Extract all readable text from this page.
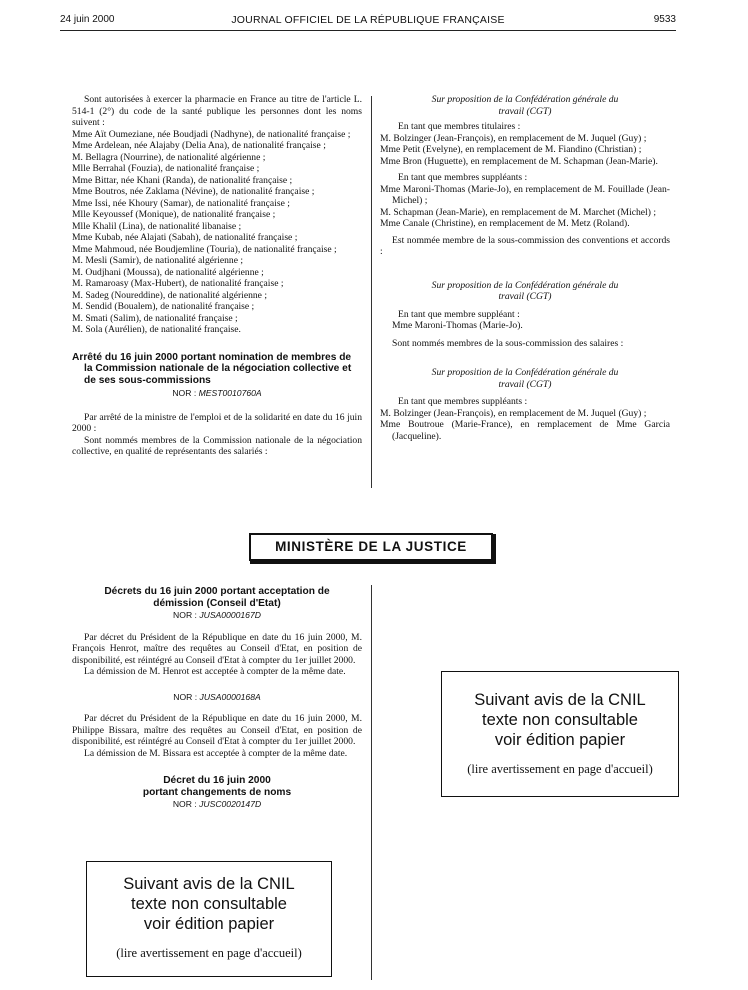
24 juin 2000	JOURNAL OFFICIEL DE LA RÉPUBLIQUE FRANÇAISE	9533

Sont autorisées à exercer la pharmacie en France au titre de l'article L. 514-1 (2°) du code de la santé publique les personnes dont les noms suivent :

Mme Aït Oumeziane, née Boudjadi (Nadhyne), de nationalité française ;

Mme Ardelean, née Alajaby (Delia Ana), de nationalité française ;

M. Bellagra (Nourrine), de nationalité algérienne ;

Mlle Berrahal (Fouzia), de nationalité française ;

Mme Bittar, née Khani (Randa), de nationalité française ;

Mme Boutros, née Zaklama (Névine), de nationalité française ;

Mme Issi, née Khoury (Samar), de nationalité française ;

Mlle Keyoussef (Monique), de nationalité française ;

Mlle Khalil (Lina), de nationalité libanaise ;

Mme Kubab, née Alajati (Sabah), de nationalité française ;

Mme Mahmoud, née Boudjemline (Touria), de nationalité française ;

M. Mesli (Samir), de nationalité algérienne ;

M. Oudjhani (Moussa), de nationalité algérienne ;

M. Ramaroasy (Max-Hubert), de nationalité française ;

M. Sadeg (Noureddine), de nationalité algérienne ;

M. Sendid (Boualem), de nationalité française ;

M. Smati (Salim), de nationalité française ;

M. Sola (Aurélien), de nationalité française.

Arrêté du 16 juin 2000 portant nomination de membres de la Commission nationale de la négociation collective et de ses sous-commissions

NOR : MESТ0010760A

Par arrêté de la ministre de l'emploi et de la solidarité en date du 16 juin 2000 :

Sont nommés membres de la Commission nationale de la négociation collective, en qualité de représentants des salariés :

Sur proposition de la Confédération générale du travail (CGT)

En tant que membres titulaires :

M. Bolzinger (Jean-François), en remplacement de M. Juquel (Guy) ;

Mme Petit (Evelyne), en remplacement de M. Fiandino (Christian) ;

Mme Bron (Huguette), en remplacement de M. Schapman (Jean-Marie).

En tant que membres suppléants :

Mme Maroni-Thomas (Marie-Jo), en remplacement de M. Fouillade (Jean-Michel) ;

M. Schapman (Jean-Marie), en remplacement de M. Marchet (Michel) ;

Mme Canale (Christine), en remplacement de M. Metz (Roland).

Est nommée membre de la sous-commission des conventions et accords :

Sur proposition de la Confédération générale du travail (CGT)

En tant que membre suppléant :

Mme Maroni-Thomas (Marie-Jo).

Sont nommés membres de la sous-commission des salaires :

Sur proposition de la Confédération générale du travail (CGT)

En tant que membres suppléants :

M. Bolzinger (Jean-François), en remplacement de M. Juquel (Guy) ;

Mme Boutroue (Marie-France), en remplacement de Mme Garcia (Jacqueline).

MINISTÈRE DE LA JUSTICE

Décrets du 16 juin 2000 portant acceptation de démission (Conseil d'Etat)

NOR : JUSA0000167D

Par décret du Président de la République en date du 16 juin 2000, M. François Henrot, maître des requêtes au Conseil d'Etat, en position de disponibilité, est réintégré au Conseil d'Etat à compter du 1er juillet 2000.

La démission de M. Henrot est acceptée à compter de la même date.

NOR : JUSA0000168A

Par décret du Président de la République en date du 16 juin 2000, M. Philippe Bissara, maître des requêtes au Conseil d'Etat, en position de disponibilité, est réintégré au Conseil d'Etat à compter du 1er juillet 2000.

La démission de M. Bissara est acceptée à compter de la même date.

Décret du 16 juin 2000

portant changements de noms

NOR : JUSC0020147D

Suivant avis de la CNIL
texte non consultable
voir édition papier
(lire avertissement en page d'accueil)
Suivant avis de la CNIL
texte non consultable
voir édition papier
(lire avertissement en page d'accueil)
